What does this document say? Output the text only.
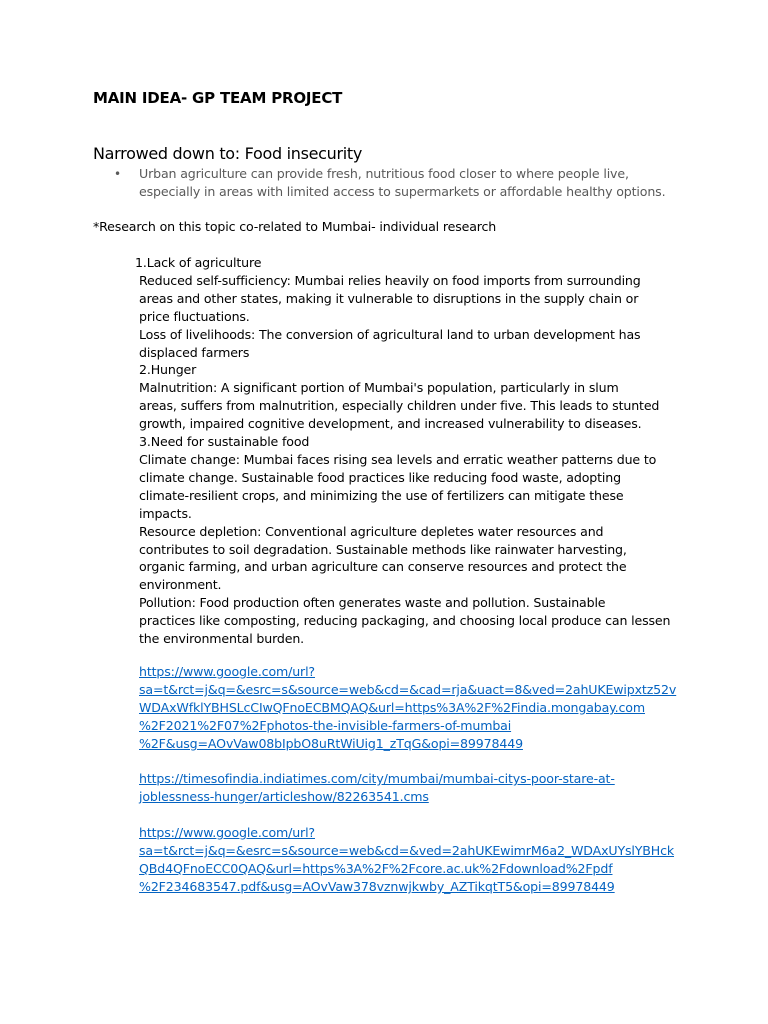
MAIN IDEA- GP TEAM PROJECT
Narrowed down to: Food insecurity
• Urban agriculture can provide fresh, nutritious food closer to where people live,
especially in areas with limited access to supermarkets or affordable healthy options.
*Research on this topic co-related to Mumbai- individual research
1.Lack of agriculture
Reduced self-sufficiency: Mumbai relies heavily on food imports from surrounding
areas and other states, making it vulnerable to disruptions in the supply chain or
price fluctuations.
Loss of livelihoods: The conversion of agricultural land to urban development has
displaced farmers
2.Hunger
Malnutrition: A significant portion of Mumbai's population, particularly in slum
areas, suffers from malnutrition, especially children under five. This leads to stunted
growth, impaired cognitive development, and increased vulnerability to diseases.
3.Need for sustainable food
Climate change: Mumbai faces rising sea levels and erratic weather patterns due to
climate change. Sustainable food practices like reducing food waste, adopting
climate-resilient crops, and minimizing the use of fertilizers can mitigate these
impacts.
Resource depletion: Conventional agriculture depletes water resources and
contributes to soil degradation. Sustainable methods like rainwater harvesting,
organic farming, and urban agriculture can conserve resources and protect the
environment.
Pollution: Food production often generates waste and pollution. Sustainable
practices like composting, reducing packaging, and choosing local produce can lessen
the environmental burden.
https://www.google.com/url?
sa=t&rct=j&q=&esrc=s&source=web&cd=&cad=rja&uact=8&ved=2ahUKEwipxtz52v
WDAxWfklYBHSLcCIwQFnoECBMQAQ&url=https%3A%2F%2Findia.mongabay.com
%2F2021%2F07%2Fphotos-the-invisible-farmers-of-mumbai
%2F&usg=AOvVaw08bIpbO8uRtWiUig1_zTqG&opi=89978449
https://timesofindia.indiatimes.com/city/mumbai/mumbai-citys-poor-stare-at-
joblessness-hunger/articleshow/82263541.cms
https://www.google.com/url?
sa=t&rct=j&q=&esrc=s&source=web&cd=&ved=2ahUKEwimrM6a2_WDAxUYslYBHck
QBd4QFnoECC0QAQ&url=https%3A%2F%2Fcore.ac.uk%2Fdownload%2Fpdf
%2F234683547.pdf&usg=AOvVaw378vznwjkwby_AZTikqtT5&opi=89978449
